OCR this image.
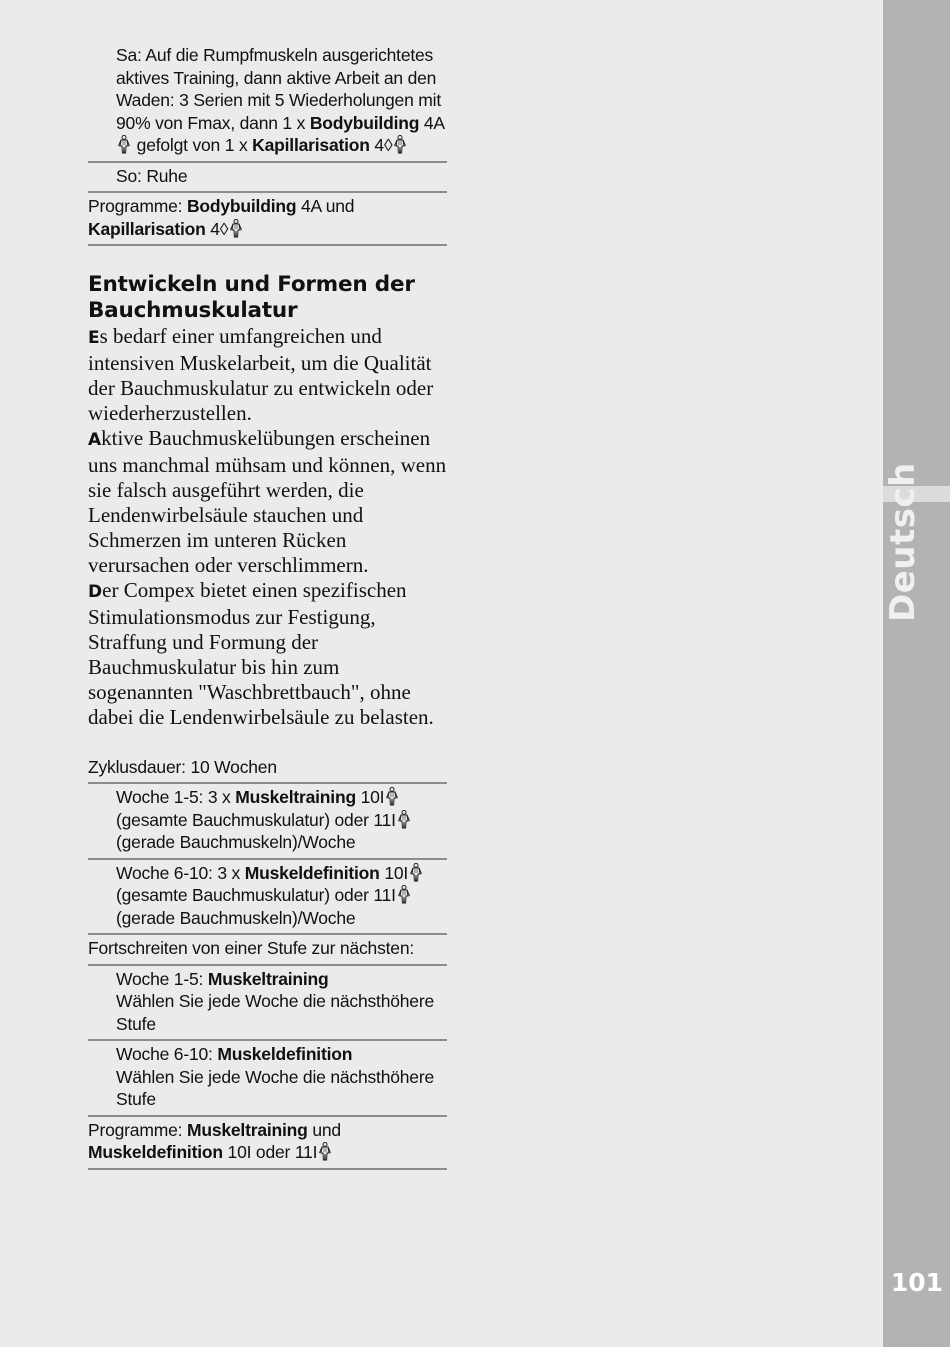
Deutsch
101
Sa: Auf die Rumpfmuskeln ausgerichtetes aktives Training, dann aktive Arbeit an den Waden: 3 Serien mit 5 Wiederholungen mit 90% von Fmax, dann 1 x Bodybuilding 4A
gefolgt von 1 x Kapillarisation 4◊
So: Ruhe
Programme: Bodybuilding 4A und
Kapillarisation 4◊
Entwickeln und Formen der Bauchmuskulatur

Es bedarf einer umfangreichen und intensiven Muskelarbeit, um die Qualität der Bauchmuskulatur zu entwickeln oder wiederherzustellen.

Aktive Bauchmuskelübungen erscheinen uns manchmal mühsam und können, wenn sie falsch ausgeführt werden, die Lendenwirbelsäule stauchen und Schmerzen im unteren Rücken verursachen oder verschlimmern.

Der Compex bietet einen spezifischen Stimulationsmodus zur Festigung, Straffung und Formung der Bauchmuskulatur bis hin zum sogenannten "Waschbrettbauch", ohne dabei die Lendenwirbelsäule zu belasten.

Zyklusdauer: 10 Wochen
Woche 1-5: 3 x Muskeltraining 10I
(gesamte Bauchmuskulatur) oder 11I
(gerade Bauchmuskeln)/Woche
Woche 6-10: 3 x Muskeldefinition 10I
(gesamte Bauchmuskulatur) oder 11I
(gerade Bauchmuskeln)/Woche
Fortschreiten von einer Stufe zur nächsten:
Woche 1-5: Muskeltraining
Wählen Sie jede Woche die nächsthöhere Stufe
Woche 6-10: Muskeldefinition
Wählen Sie jede Woche die nächsthöhere Stufe
Programme: Muskeltraining und
Muskeldefinition 10I oder 11I
